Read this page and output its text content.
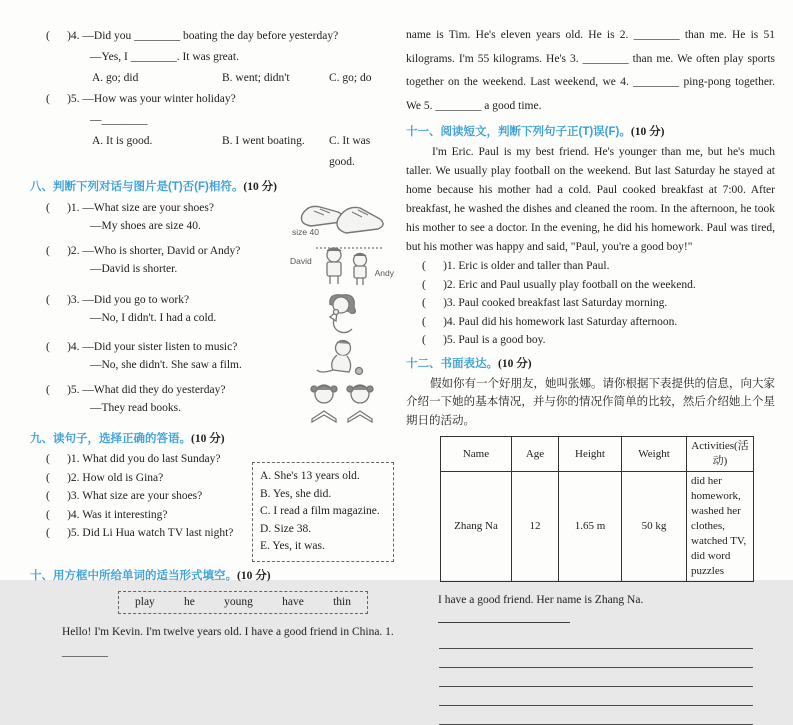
(      )4. —Did you ________ boating the day before yesterday?
—Yes, I ________. It was great.
A. go; did	B. went; didn't	C. go; do
(      )5. —How was your winter holiday?
—________
A. It is good.	B. I went boating.	C. It was good.
八、判断下列对话与图片是(T)否(F)相符。(10 分)
(      )1. —What size are your shoes?
—My shoes are size 40.	size 40
(      )2. —Who is shorter, David or Andy?
—David is shorter.
David
Andy
(      )3. —Did you go to work?
—No, I didn't. I had a cold.
(      )4. —Did your sister listen to music?
—No, she didn't. She saw a film.
(      )5. —What did they do yesterday?
—They read books.
九、读句子，选择正确的答语。(10 分)
(      )1. What did you do last Sunday?
(      )2. How old is Gina?
(      )3. What size are your shoes?
(      )4. Was it interesting?
(      )5. Did Li Hua watch TV last night?
A. She's 13 years old.
B. Yes, she did.
C. I read a film magazine.
D. Size 38.
E. Yes, it was.
十、用方框中所给单词的适当形式填空。(10 分)
play	he	young	have	thin
Hello! I'm Kevin. I'm twelve years old. I have a good friend in China. 1. ________
name is Tim. He's eleven years old. He is 2. ________ than me. He is 51 kilograms. I'm 55 kilograms. He's 3. ________ than me. We often play sports together on the weekend. Last weekend, we 4. ________ ping-pong together. We 5. ________ a good time.
十一、阅读短文，判断下列句子正(T)误(F)。(10 分)
I'm Eric. Paul is my best friend. He's younger than me, but he's much taller. We usually play football on the weekend. But last Saturday he stayed at home because his mother had a cold. Paul cooked breakfast at 7:00. After breakfast, he washed the dishes and cleaned the room. In the afternoon, he took his mother to see a doctor. In the evening, he did his homework. Paul was tired, but his mother was happy and said, "Paul, you're a good boy!"
(      )1. Eric is older and taller than Paul.
(      )2. Eric and Paul usually play football on the weekend.
(      )3. Paul cooked breakfast last Saturday morning.
(      )4. Paul did his homework last Saturday afternoon.
(      )5. Paul is a good boy.
十二、书面表达。(10 分)
假如你有一个好朋友，她叫张娜。请你根据下表提供的信息，向大家介绍一下她的基本情况，并与你的情况作简单的比较，然后介绍她上个星期日的活动。
Name	Age	Height	Weight	Activities(活动)
Zhang Na	12	1.65 m	50 kg	did her homework, washed her clothes, watched TV, did word puzzles
I have a good friend. Her name is Zhang Na.
